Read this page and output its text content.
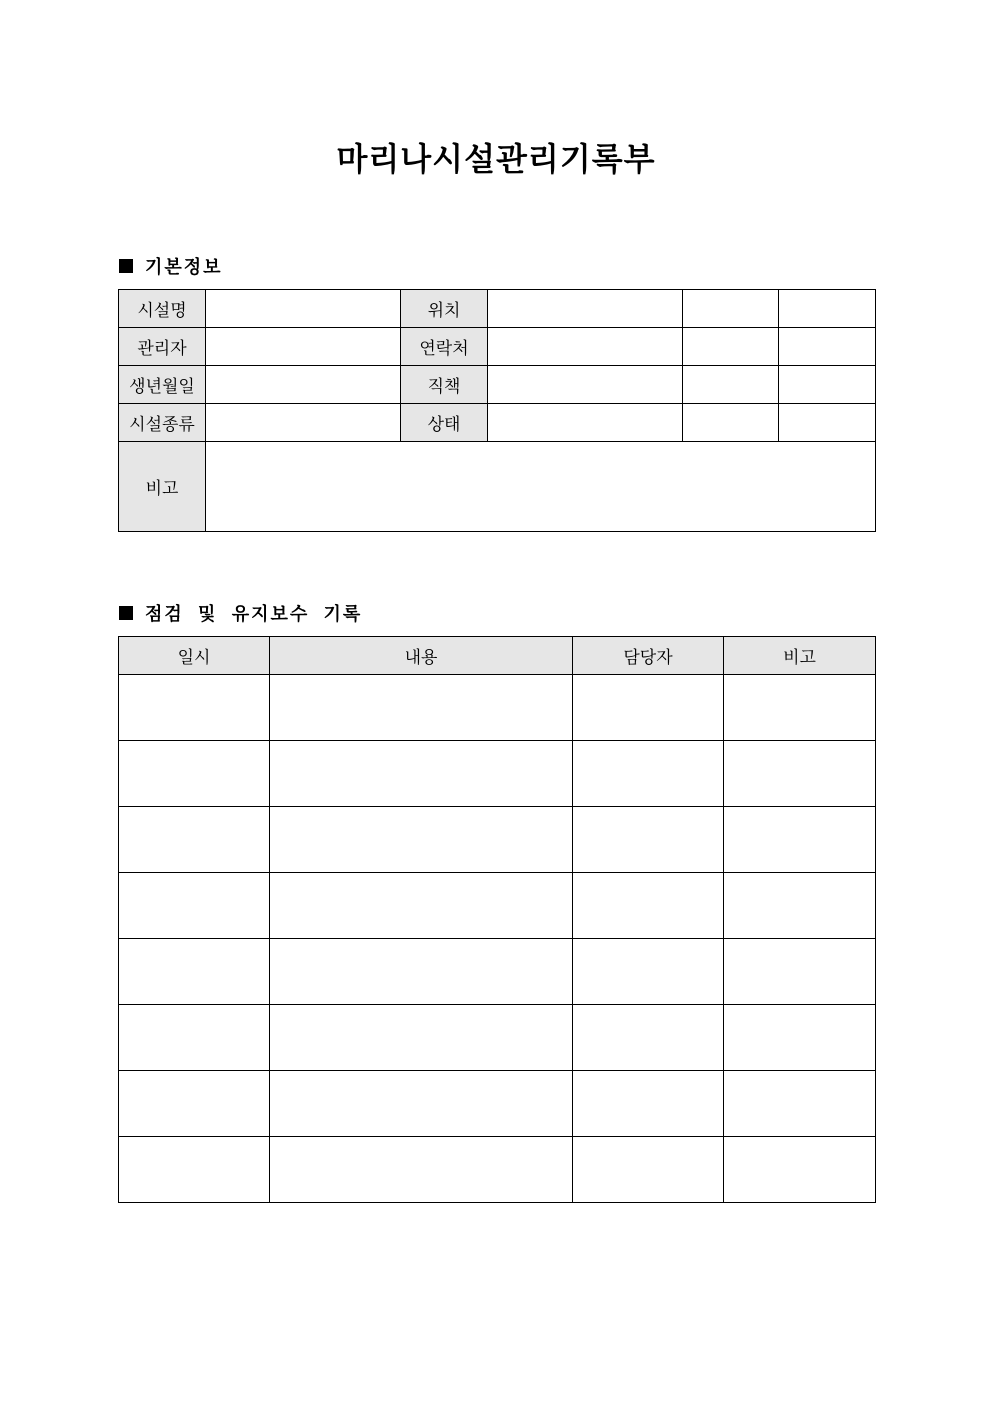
마리나시설관리기록부
기본정보
시설명		위치			
관리자		연락처			
생년월일		직책			
시설종류		상태			
비고					
점검 및 유지보수 기록
일시	내용	담당자	비고
